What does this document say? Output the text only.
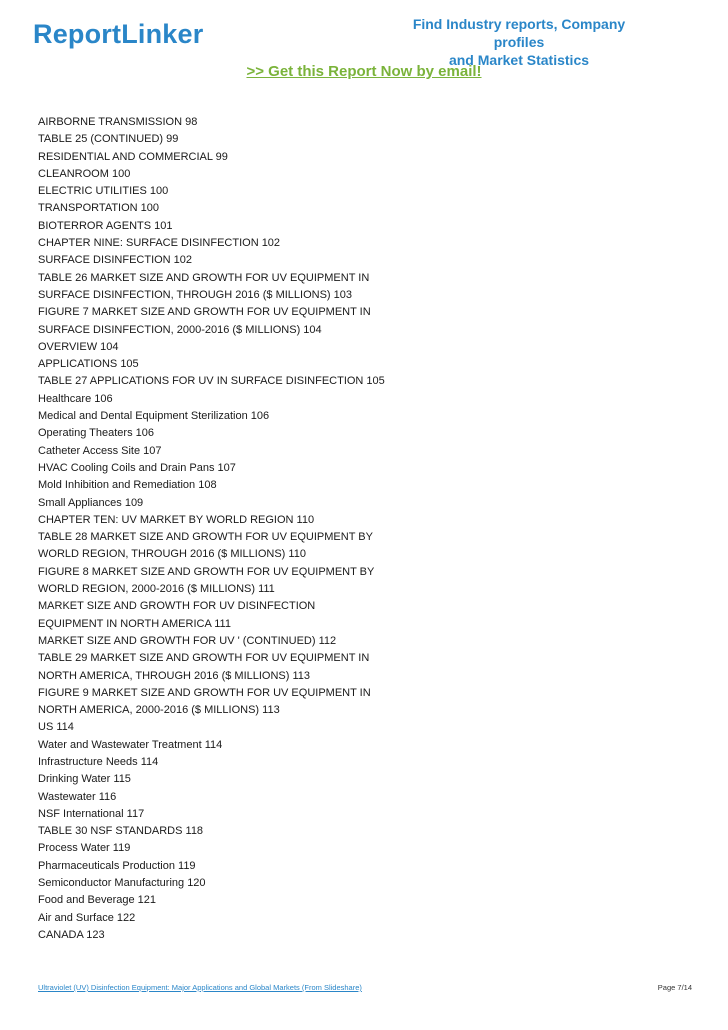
ReportLinker	Find Industry reports, Company profiles
and Market Statistics
>> Get this Report Now by email!
AIRBORNE TRANSMISSION 98
TABLE 25 (CONTINUED) 99
RESIDENTIAL AND COMMERCIAL 99
CLEANROOM 100
ELECTRIC UTILITIES 100
TRANSPORTATION 100
BIOTERROR AGENTS 101
CHAPTER NINE: SURFACE DISINFECTION 102
SURFACE DISINFECTION 102
TABLE 26 MARKET SIZE AND GROWTH FOR UV EQUIPMENT IN
SURFACE DISINFECTION, THROUGH 2016 ($ MILLIONS) 103
FIGURE 7 MARKET SIZE AND GROWTH FOR UV EQUIPMENT IN
SURFACE DISINFECTION, 2000-2016 ($ MILLIONS) 104
OVERVIEW 104
APPLICATIONS 105
TABLE 27 APPLICATIONS FOR UV IN SURFACE DISINFECTION 105
Healthcare 106
Medical and Dental Equipment Sterilization 106
Operating Theaters 106
Catheter Access Site 107
HVAC Cooling Coils and Drain Pans 107
Mold Inhibition and Remediation 108
Small Appliances 109
CHAPTER TEN: UV MARKET BY WORLD REGION 110
TABLE 28 MARKET SIZE AND GROWTH FOR UV EQUIPMENT BY
WORLD REGION, THROUGH 2016 ($ MILLIONS) 110
FIGURE 8 MARKET SIZE AND GROWTH FOR UV EQUIPMENT BY
WORLD REGION, 2000-2016 ($ MILLIONS) 111
MARKET SIZE AND GROWTH FOR UV DISINFECTION
EQUIPMENT IN NORTH AMERICA 111
MARKET SIZE AND GROWTH FOR UV ' (CONTINUED) 112
TABLE 29 MARKET SIZE AND GROWTH FOR UV EQUIPMENT IN
NORTH AMERICA, THROUGH 2016 ($ MILLIONS) 113
FIGURE 9 MARKET SIZE AND GROWTH FOR UV EQUIPMENT IN
NORTH AMERICA, 2000-2016 ($ MILLIONS) 113
US 114
Water and Wastewater Treatment 114
Infrastructure Needs 114
Drinking Water 115
Wastewater 116
NSF International 117
TABLE 30 NSF STANDARDS 118
Process Water 119
Pharmaceuticals Production 119
Semiconductor Manufacturing 120
Food and Beverage 121
Air and Surface 122
CANADA 123
Ultraviolet (UV) Disinfection Equipment: Major Applications and Global Markets (From Slideshare)	Page 7/14
